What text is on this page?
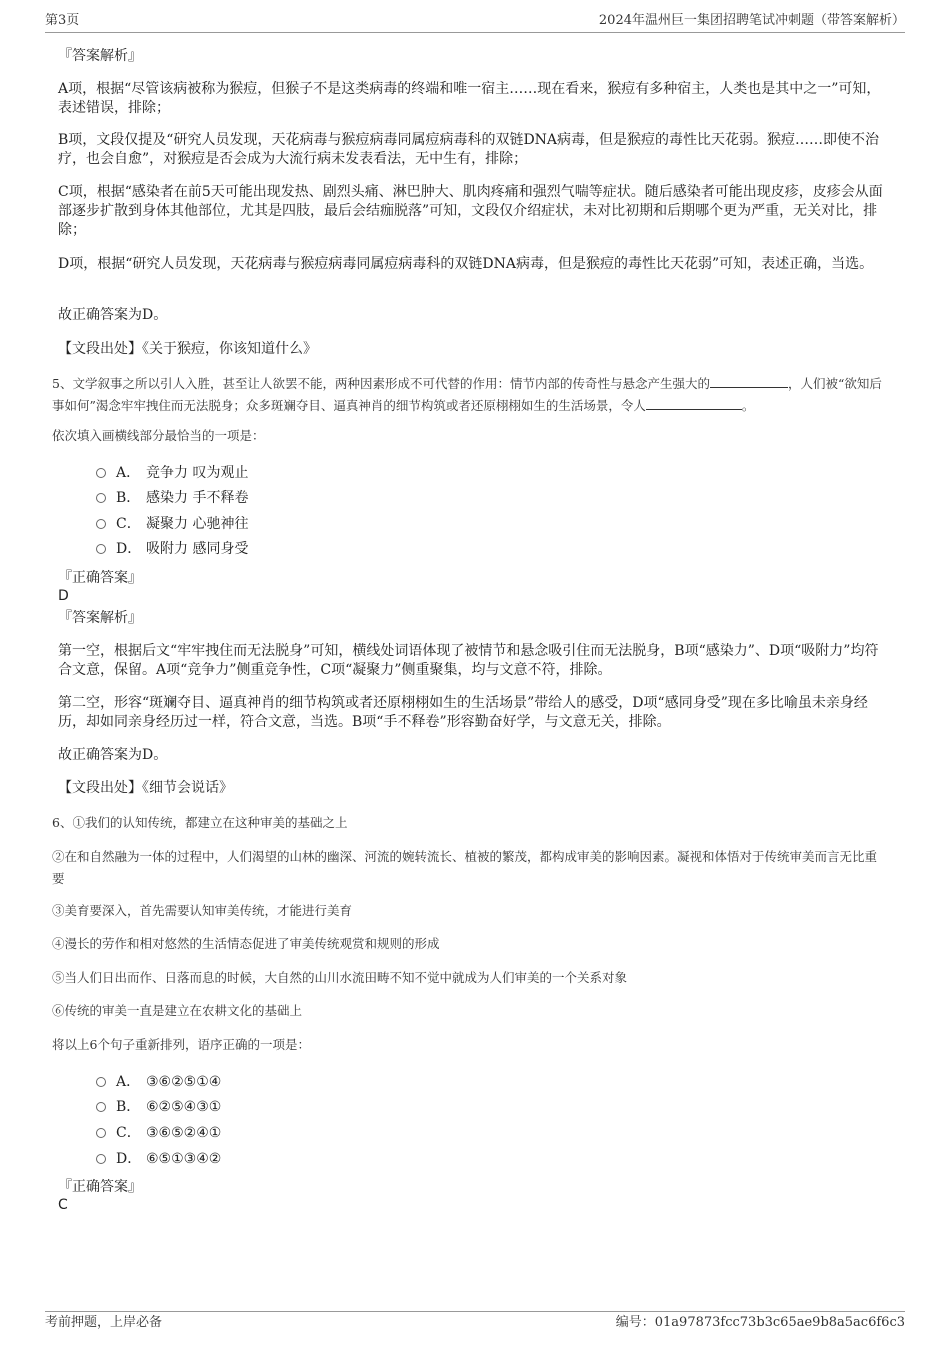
第3页	2024年温州巨一集团招聘笔试冲刺题（带答案解析）

『答案解析』

A项，根据“尽管该病被称为猴痘，但猴子不是这类病毒的终端和唯一宿主……现在看来，猴痘有多种宿主，人类也是其中之一”可知，表述错误，排除；

B项，文段仅提及“研究人员发现，天花病毒与猴痘病毒同属痘病毒科的双链DNA病毒，但是猴痘的毒性比天花弱。猴痘……即使不治疗，也会自愈”，对猴痘是否会成为大流行病未发表看法，无中生有，排除；

C项，根据“感染者在前5天可能出现发热、剧烈头痛、淋巴肿大、肌肉疼痛和强烈气喘等症状。随后感染者可能出现皮疹，皮疹会从面部逐步扩散到身体其他部位，尤其是四肢，最后会结痂脱落”可知，文段仅介绍症状，未对比初期和后期哪个更为严重，无关对比，排除；

D项，根据“研究人员发现，天花病毒与猴痘病毒同属痘病毒科的双链DNA病毒，但是猴痘的毒性比天花弱”可知，表述正确，当选。

故正确答案为D。

【文段出处】《关于猴痘，你该知道什么》

5、文学叙事之所以引人入胜，甚至让人欲罢不能，两种因素形成不可代替的作用：情节内部的传奇性与悬念产生强大的	，人们被“欲知后事如何”渴念牢牢拽住而无法脱身；众多斑斓夺目、逼真神肖的细节构筑或者还原栩栩如生的生活场景，令人	。

依次填入画横线部分最恰当的一项是：

A． 竞争力 叹为观止

B． 感染力 手不释卷

C． 凝聚力 心驰神往

D． 吸附力 感同身受

『正确答案』

D

『答案解析』

第一空，根据后文“牢牢拽住而无法脱身”可知，横线处词语体现了被情节和悬念吸引住而无法脱身，B项“感染力”、D项“吸附力”均符合文意，保留。A项“竞争力”侧重竞争性，C项“凝聚力”侧重聚集，均与文意不符，排除。

第二空，形容“斑斓夺目、逼真神肖的细节构筑或者还原栩栩如生的生活场景”带给人的感受，D项“感同身受”现在多比喻虽未亲身经历，却如同亲身经历过一样，符合文意，当选。B项“手不释卷”形容勤奋好学，与文意无关，排除。

故正确答案为D。

【文段出处】《细节会说话》

6、①我们的认知传统，都建立在这种审美的基础之上

②在和自然融为一体的过程中，人们渴望的山林的幽深、河流的婉转流长、植被的繁茂，都构成审美的影响因素。凝视和体悟对于传统审美而言无比重要

③美育要深入，首先需要认知审美传统，才能进行美育

④漫长的劳作和相对悠然的生活情态促进了审美传统观赏和规则的形成

⑤当人们日出而作、日落而息的时候，大自然的山川水流田畴不知不觉中就成为人们审美的一个关系对象

⑥传统的审美一直是建立在农耕文化的基础上

将以上6个句子重新排列，语序正确的一项是：

A． ③⑥②⑤①④

B． ⑥②⑤④③①

C． ③⑥⑤②④①

D． ⑥⑤①③④②

『正确答案』

C

考前押题，上岸必备	编号：01a97873fcc73b3c65ae9b8a5ac6f6c3
